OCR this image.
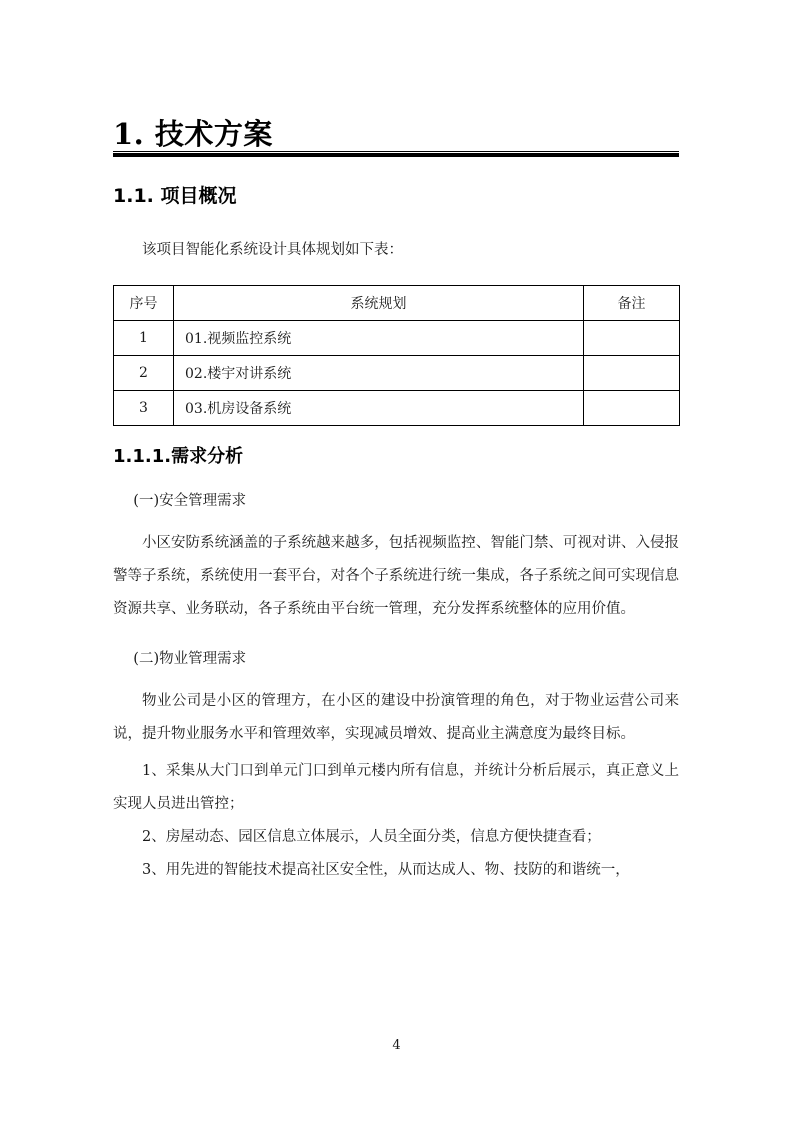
1. 技术方案
1.1. 项目概况

该项目智能化系统设计具体规划如下表：

序号	系统规划	备注
1	01.视频监控系统	
2	02.楼宇对讲系统	
3	03.机房设备系统	
1.1.1.需求分析

(一)安全管理需求

小区安防系统涵盖的子系统越来越多，包括视频监控、智能门禁、可视对讲、入侵报警等子系统，系统使用一套平台，对各个子系统进行统一集成，各子系统之间可实现信息资源共享、业务联动，各子系统由平台统一管理，充分发挥系统整体的应用价值。

(二)物业管理需求

物业公司是小区的管理方，在小区的建设中扮演管理的角色，对于物业运营公司来说，提升物业服务水平和管理效率，实现减员增效、提高业主满意度为最终目标。

1、采集从大门口到单元门口到单元楼内所有信息，并统计分析后展示，真正意义上实现人员进出管控；

2、房屋动态、园区信息立体展示，人员全面分类，信息方便快捷查看；

3、用先进的智能技术提高社区安全性，从而达成人、物、技防的和谐统一，

4
